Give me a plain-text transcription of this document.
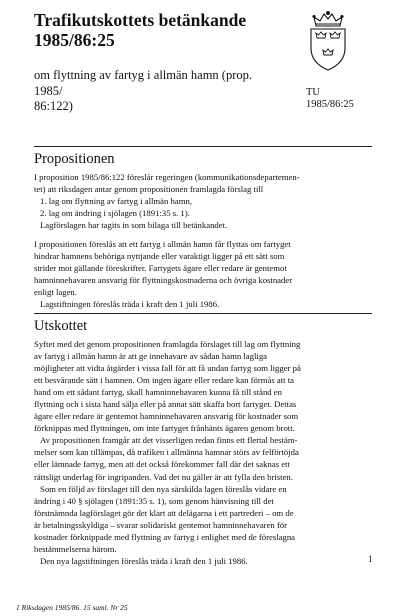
Trafikutskottets betänkande
1985/86:25
om flyttning av fartyg i allmän hamn (prop. 1985/
86:122)
TU
1985/86:25
Propositionen

I proposition 1985/86:122 föreslår regeringen (kommunikationsdepartemen-

tet) att riksdagen antar genom propositionen framlagda förslag till

1. lag om flyttning av fartyg i allmän hamn,

2. lag om ändring i sjölagen (1891:35 s. 1).

Lagförslagen har tagits in som bilaga till betänkandet.

I propositionen föreslås att ett fartyg i allmän hamn får flyttas om fartyget

hindrar hamnens behöriga nyttjande eller varaktigt ligger på ett sätt som

strider mot gällande föreskrifter. Fartygets ägare eller redare är gentemot

hamninnehavaren ansvarig för flyttningskostnaderna och övriga kostnader

enligt lagen.

Lagstiftningen föreslås träda i kraft den 1 juli 1986.

Utskottet

Syftet med det genom propositionen framlagda förslaget till lag om flyttning

av fartyg i allmän hamn är att ge innehavare av sådan hamn lagliga

möjligheter att vidta åtgärder i vissa fall för att få undan fartyg som ligger på

ett besvärande sätt i hamnen. Om ingen ägare eller redare kan förmås att ta

hand om ett sådant fartyg, skall hamninnehavaren kunna få till stånd en

flyttning och i sista hand sälja eller på annat sätt skaffa bort fartyget. Dettas

ägare eller redare är gentemot hamninnehavaren ansvarig för kostnader som

förknippas med flyttningen, om inte fartyget frånhänts ägaren genom brott.

Av propositionen framgår att det visserligen redan finns ett flertal bestäm-

melser som kan tillämpas, då trafiken i allmänna hamnar störs av felförtöjda

eller lämnade fartyg, men att det också förekommer fall där det saknas ett

rättsligt underlag för ingripanden. Vad det nu gäller är att fylla den bristen.

Som en följd av förslaget till den nya särskilda lagen föreslås vidare en

ändring i 40 § sjölagen (1891:35 s. 1), som genom hänvisning till det

förstnämnda lagförslaget gör det klart att delägarna i ett partrederi – om de

är betalningsskyldiga – svarar solidariskt gentemot hamninnehavaren för

kostnader förknippade med flyttning av fartyg i enlighet med de föreslagna

bestämmelserna härom.

Den nya lagstiftningen föreslås träda i kraft den 1 juli 1986.	1
1 Riksdagen 1985/86. 15 saml. Nr 25
